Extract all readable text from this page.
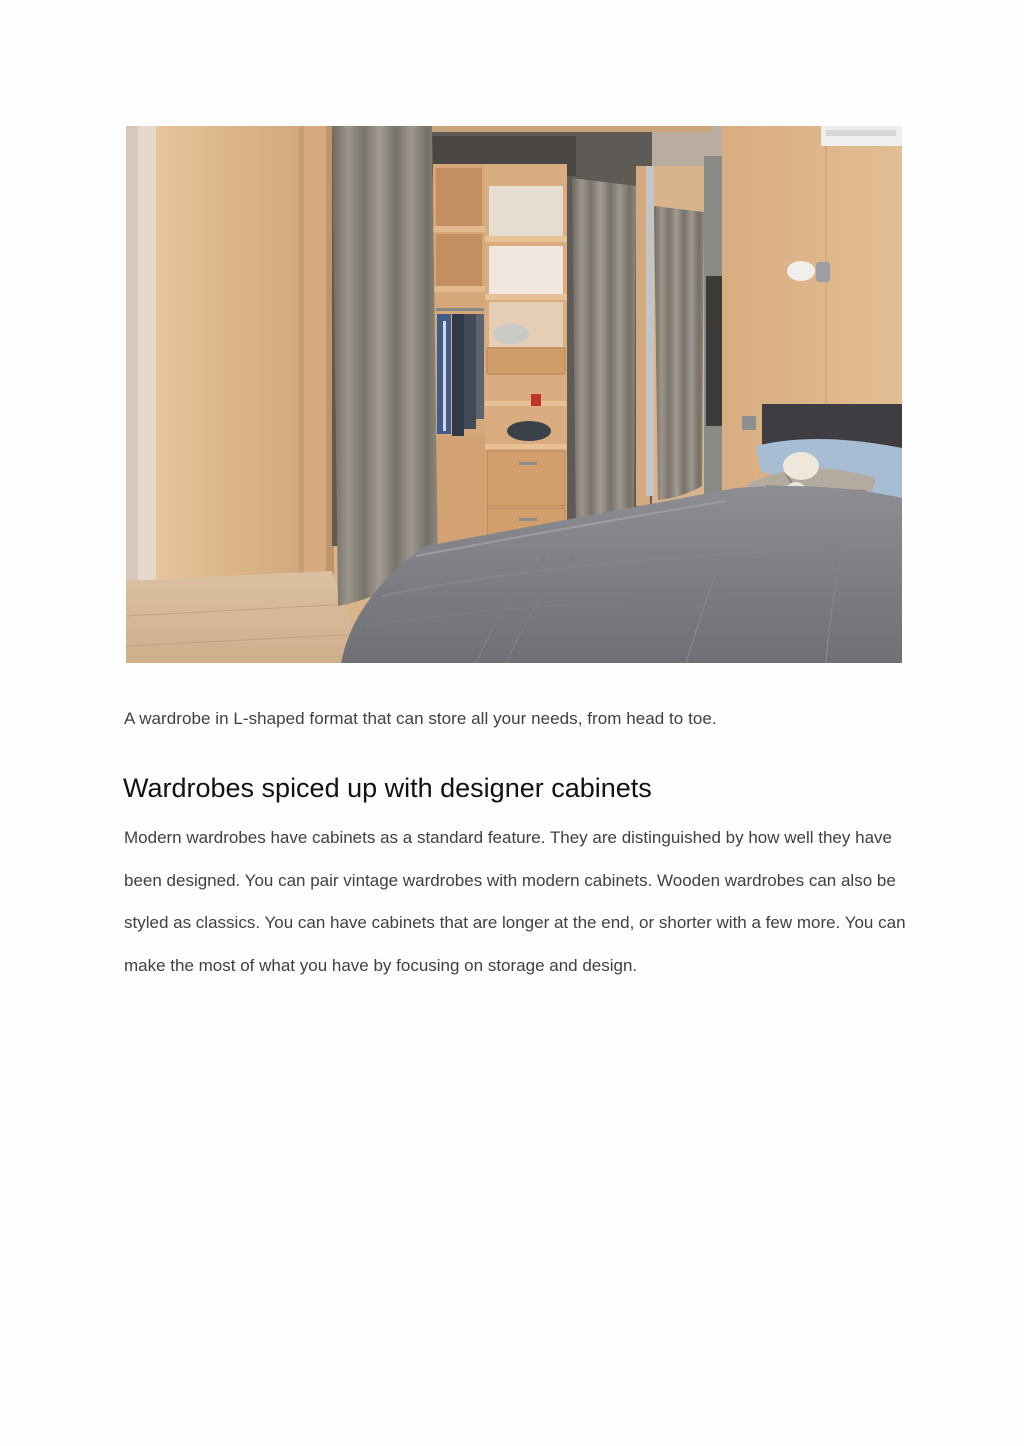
A wardrobe in L-shaped format that can store all your needs, from head to toe.

Wardrobes spiced up with designer cabinets

Modern wardrobes have cabinets as a standard feature. They are distinguished by how well they have been designed. You can pair vintage wardrobes with modern cabinets. Wooden wardrobes can also be styled as classics. You can have cabinets that are longer at the end, or shorter with a few more. You can make the most of what you have by focusing on storage and design.
